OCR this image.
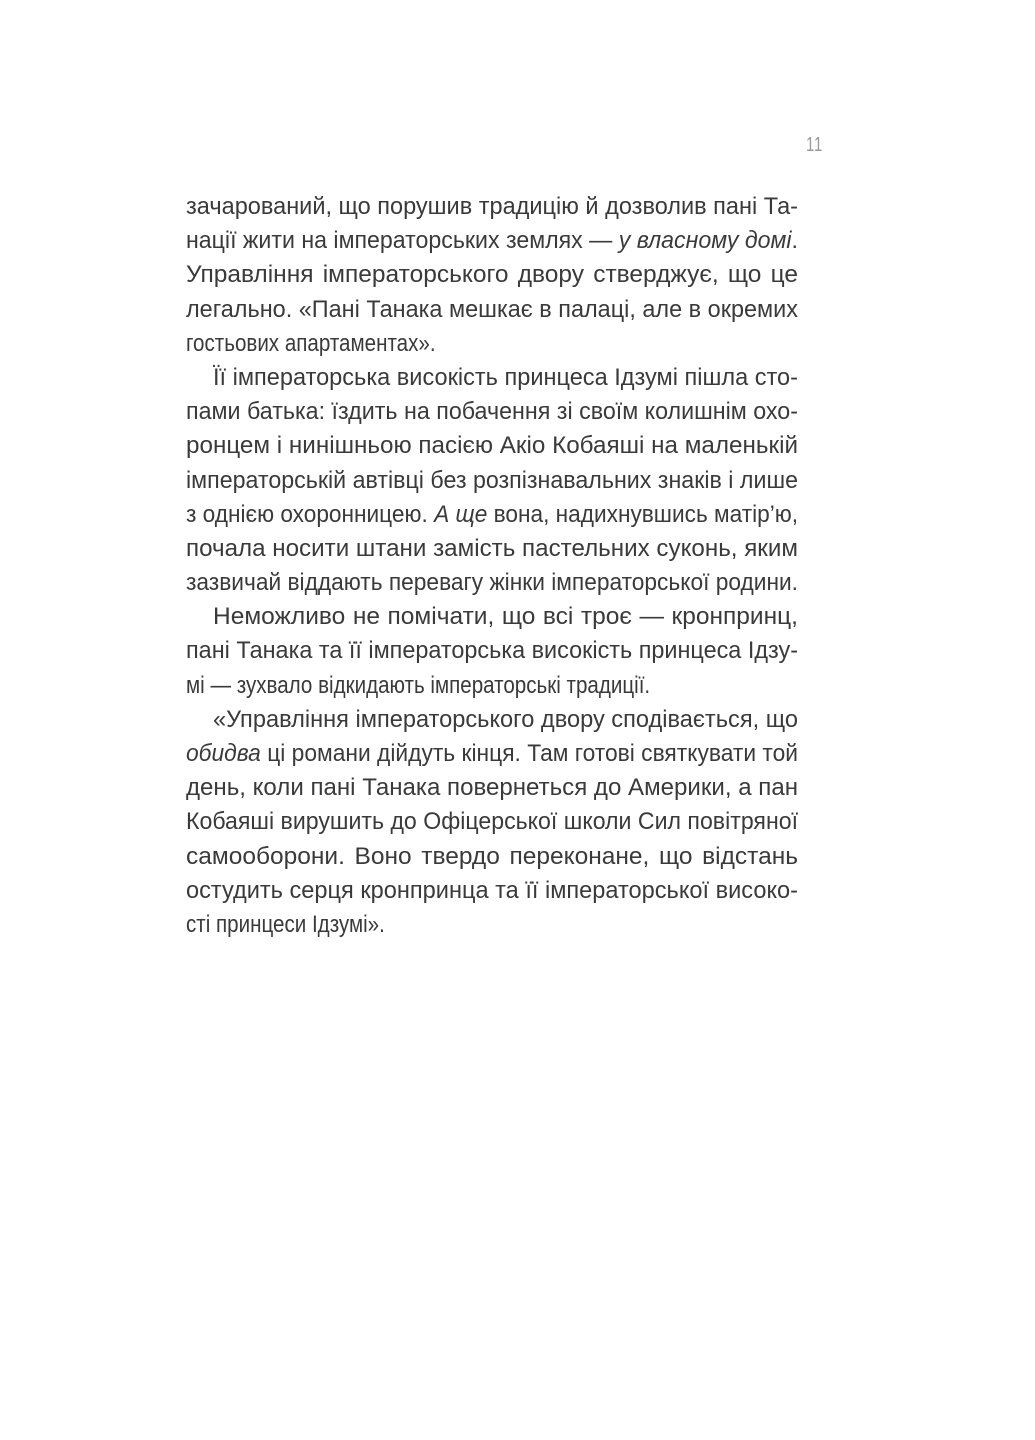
11
зачарований, що порушив традицію й дозволив пані Та-
нації жити на імператорських землях — у власному домі.
Управління імператорського двору стверджує, що це
легально. «Пані Танака мешкає в палаці, але в окремих
гостьових апартаментах».
Її імператорська високість принцеса Ідзумі пішла сто-
пами батька: їздить на побачення зі своїм колишнім охо-
ронцем і нинішньою пасією Акіо Кобаяші на маленькій
імператорській автівці без розпізнавальних знаків і лише
з однією охоронницею. А ще вона, надихнувшись матір’ю,
почала носити штани замість пастельних суконь, яким
зазвичай віддають перевагу жінки імператорської родини.
Неможливо не помічати, що всі троє — кронпринц,
пані Танака та її імператорська високість принцеса Ідзу-
мі — зухвало відкидають імператорські традиції.
«Управління імператорського двору сподівається, що
обидва ці романи дійдуть кінця. Там готові святкувати той
день, коли пані Танака повернеться до Америки, а пан
Кобаяші вирушить до Офіцерської школи Сил повітряної
самооборони. Воно твердо переконане, що відстань
остудить серця кронпринца та її імператорської високо-
сті принцеси Ідзумі».
